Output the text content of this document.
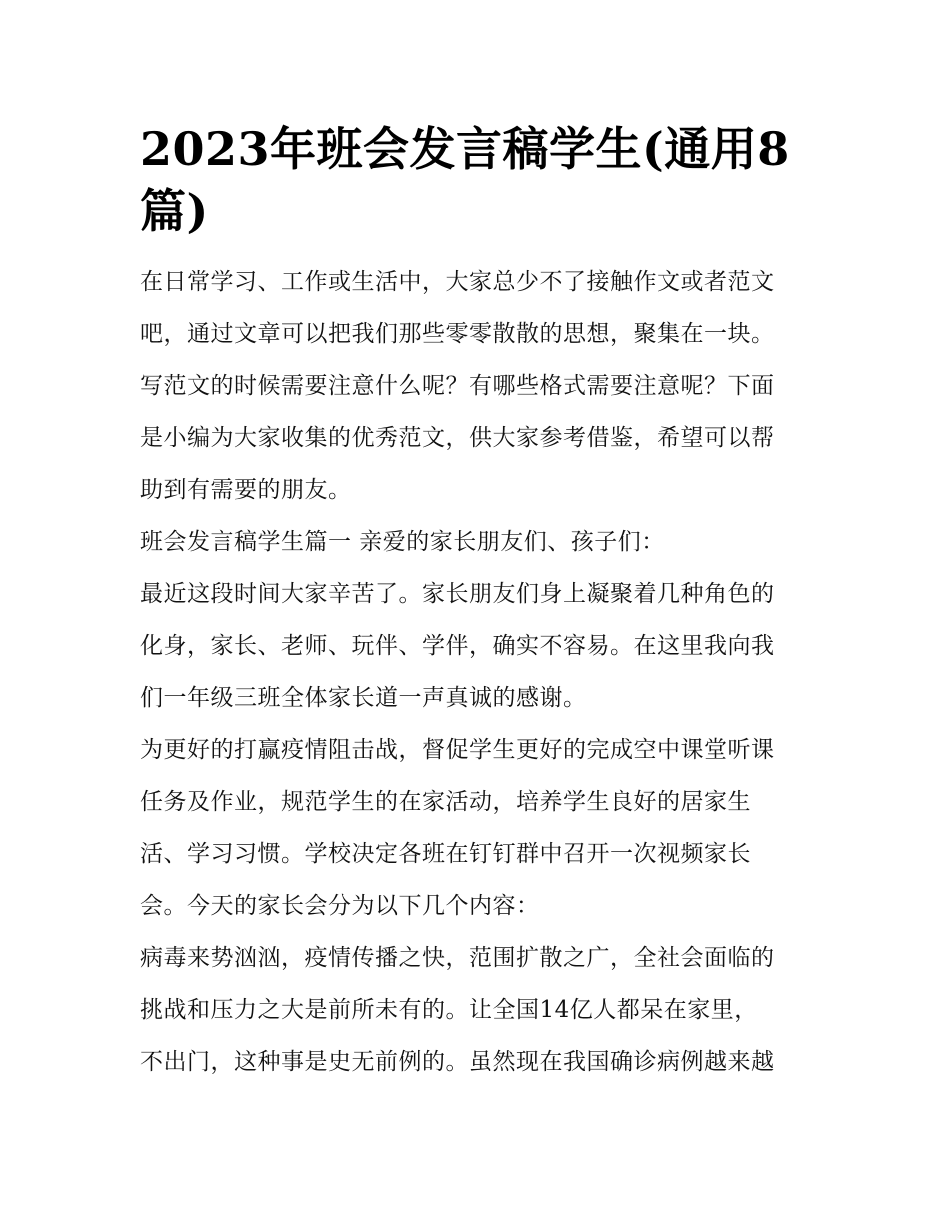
2023年班会发言稿学生(通用8
篇)

在日常学习、工作或生活中，大家总少不了接触作文或者范文
吧，通过文章可以把我们那些零零散散的思想，聚集在一块。
写范文的时候需要注意什么呢？有哪些格式需要注意呢？下面
是小编为大家收集的优秀范文，供大家参考借鉴，希望可以帮
助到有需要的朋友。

班会发言稿学生篇一 亲爱的家长朋友们、孩子们：

最近这段时间大家辛苦了。家长朋友们身上凝聚着几种角色的
化身，家长、老师、玩伴、学伴，确实不容易。在这里我向我
们一年级三班全体家长道一声真诚的感谢。

为更好的打赢疫情阻击战，督促学生更好的完成空中课堂听课
任务及作业，规范学生的在家活动，培养学生良好的居家生
活、学习习惯。学校决定各班在钉钉群中召开一次视频家长
会。今天的家长会分为以下几个内容：

病毒来势汹汹，疫情传播之快，范围扩散之广，全社会面临的
挑战和压力之大是前所未有的。让全国14亿人都呆在家里，
不出门，这种事是史无前例的。虽然现在我国确诊病例越来越
